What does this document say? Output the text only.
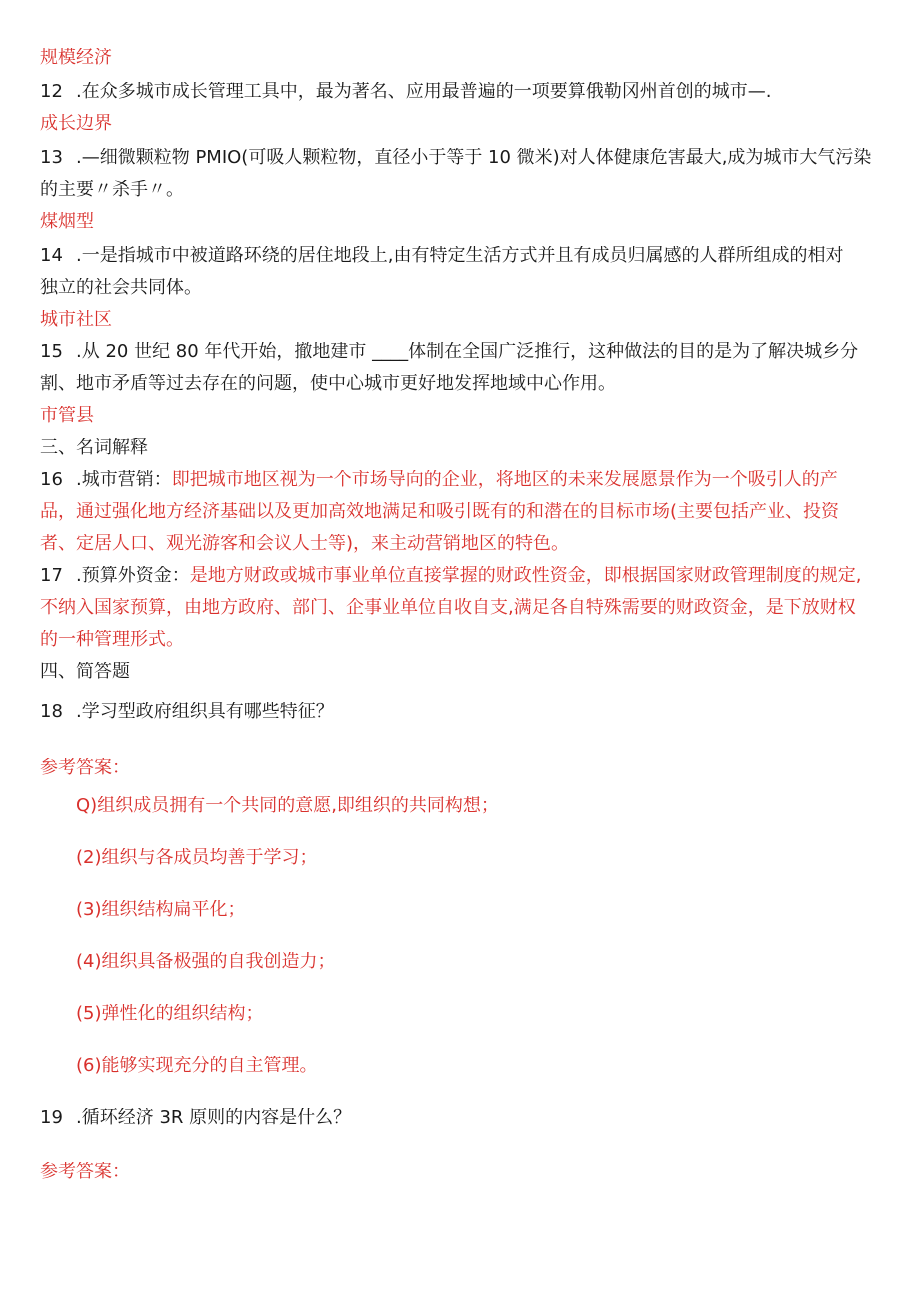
规模经济
12 .在众多城市成长管理工具中，最为著名、应用最普遍的一项要算俄勒冈州首创的城市—.
成长边界
13 .—细微颗粒物 PMIO(可吸人颗粒物，直径小于等于 10 微米)对人体健康危害最大,成为城市大气污染
的主要〃杀手〃。
煤烟型
14 .一是指城市中被道路环绕的居住地段上,由有特定生活方式并且有成员归属感的人群所组成的相对
独立的社会共同体。
城市社区
15 .从 20 世纪 80 年代开始，撤地建市 ____体制在全国广泛推行，这种做法的目的是为了解决城乡分
割、地市矛盾等过去存在的问题，使中心城市更好地发挥地域中心作用。
市管县
三、名词解释
16 .城市营销：即把城市地区视为一个市场导向的企业，将地区的未来发展愿景作为一个吸引人的产
品，通过强化地方经济基础以及更加高效地满足和吸引既有的和潜在的目标市场(主要包括产业、投资
者、定居人口、观光游客和会议人士等)，来主动营销地区的特色。
17 .预算外资金：是地方财政或城市事业单位直接掌握的财政性资金，即根据国家财政管理制度的规定,
不纳入国家预算，由地方政府、部门、企事业单位自收自支,满足各自特殊需要的财政资金，是下放财权
的一种管理形式。
四、简答题
18 .学习型政府组织具有哪些特征？
参考答案：
Q)组织成员拥有一个共同的意愿,即组织的共同构想；
(2)组织与各成员均善于学习；
(3)组织结构扁平化；
(4)组织具备极强的自我创造力；
(5)弹性化的组织结构；
(6)能够实现充分的自主管理。
19 .循环经济 3R 原则的内容是什么？
参考答案：
